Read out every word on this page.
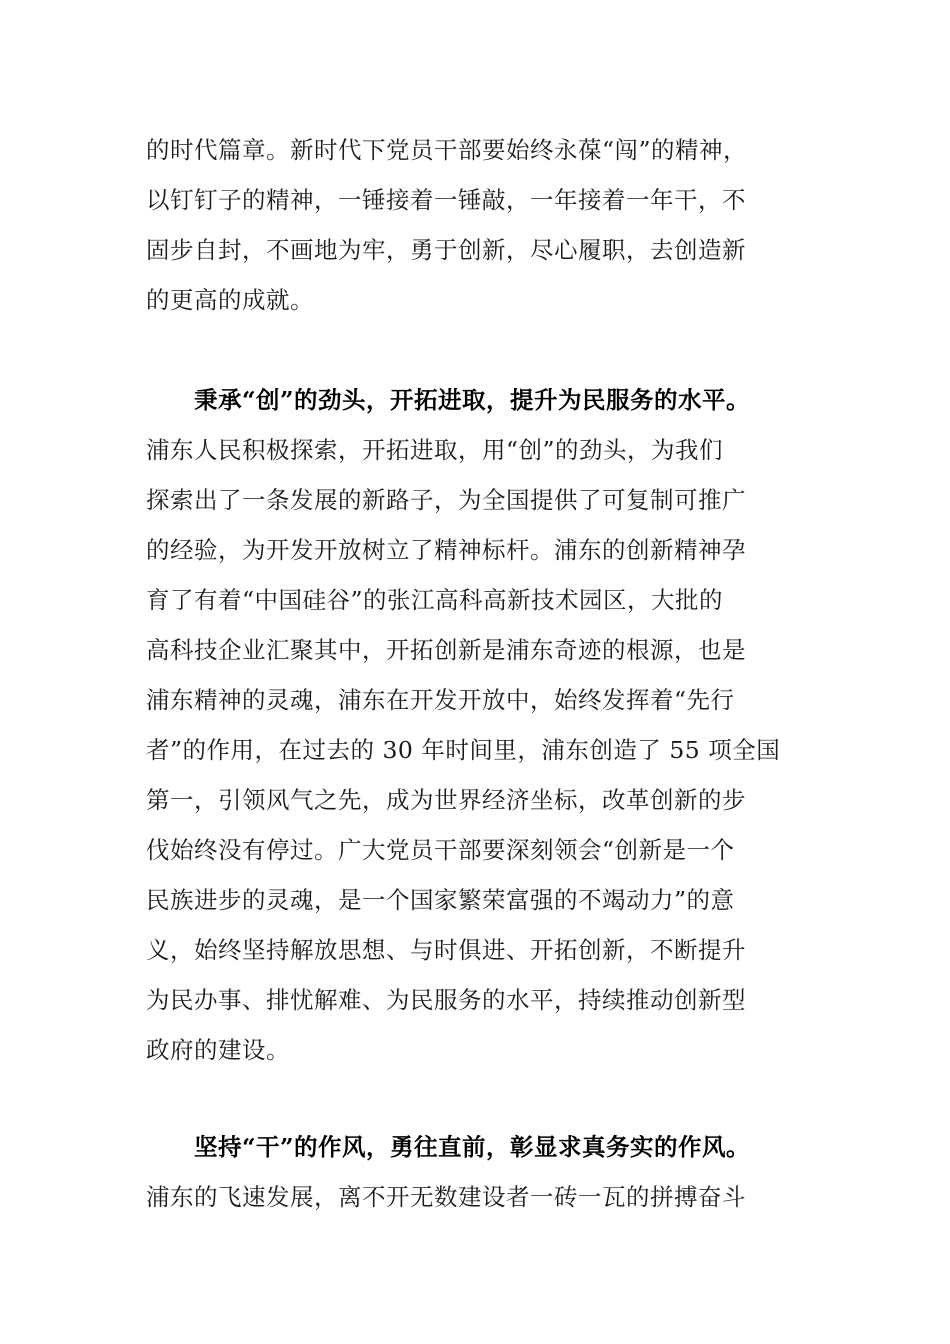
的时代篇章。新时代下党员干部要始终永葆“闯”的精神，
以钉钉子的精神，一锤接着一锤敲，一年接着一年干，不
固步自封，不画地为牢，勇于创新，尽心履职，去创造新
的更高的成就。
秉承“创”的劲头，开拓进取，提升为民服务的水平。
浦东人民积极探索，开拓进取，用“创”的劲头，为我们
探索出了一条发展的新路子，为全国提供了可复制可推广
的经验，为开发开放树立了精神标杆。浦东的创新精神孕
育了有着“中国硅谷”的张江高科高新技术园区，大批的
高科技企业汇聚其中，开拓创新是浦东奇迹的根源，也是
浦东精神的灵魂，浦东在开发开放中，始终发挥着“先行
者”的作用，在过去的 30 年时间里，浦东创造了 55 项全国
第一，引领风气之先，成为世界经济坐标，改革创新的步
伐始终没有停过。广大党员干部要深刻领会“创新是一个
民族进步的灵魂，是一个国家繁荣富强的不竭动力”的意
义，始终坚持解放思想、与时俱进、开拓创新，不断提升
为民办事、排忧解难、为民服务的水平，持续推动创新型
政府的建设。
坚持“干”的作风，勇往直前，彰显求真务实的作风。
浦东的飞速发展，离不开无数建设者一砖一瓦的拼搏奋斗
